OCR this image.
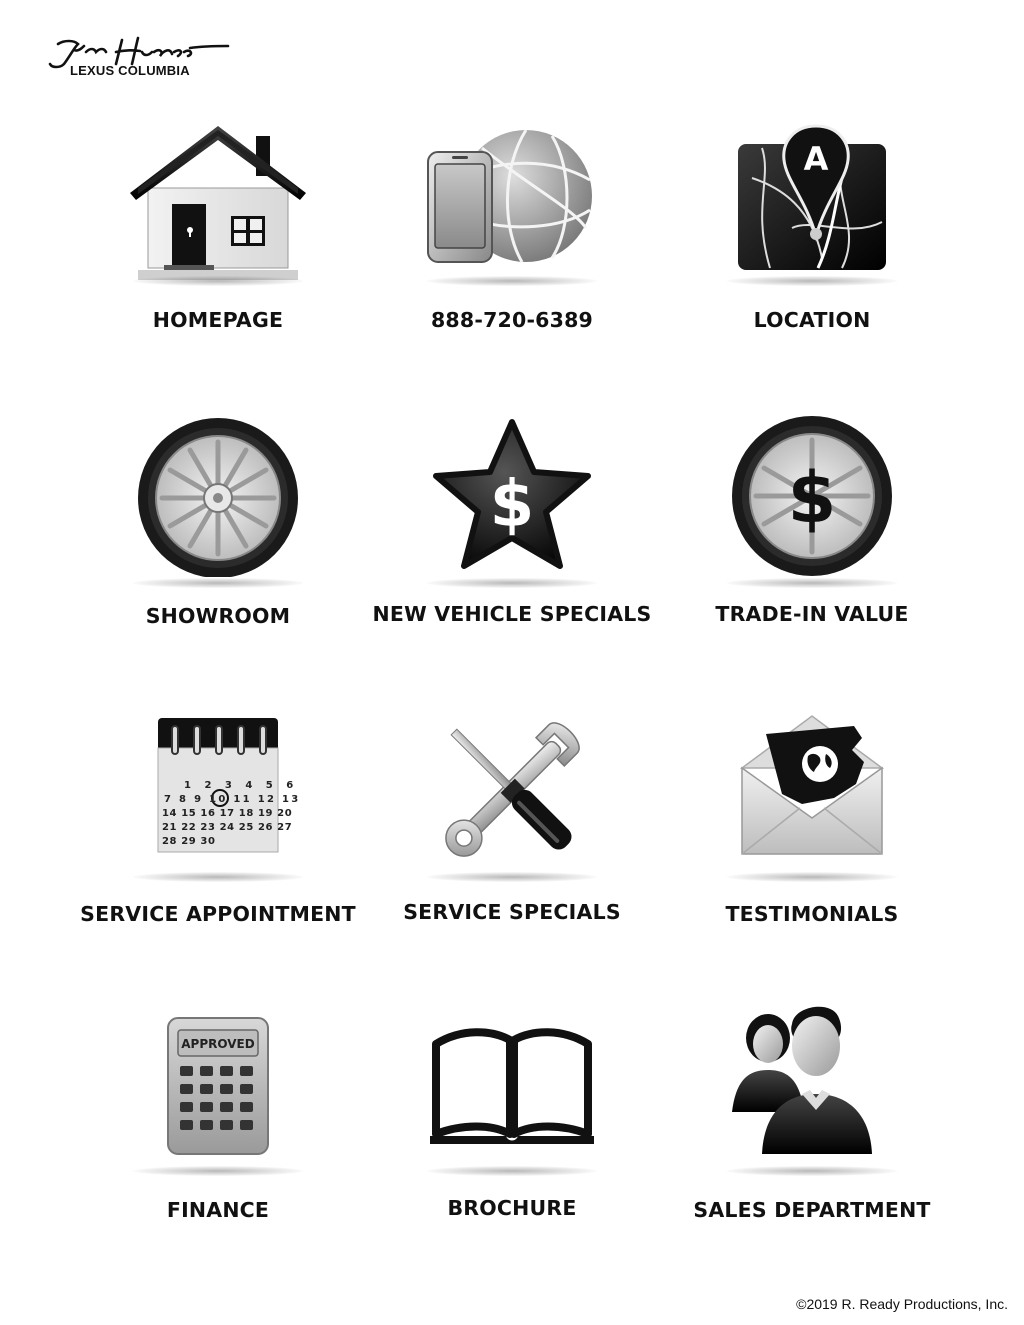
LEXUS COLUMBIA
HOMEPAGE	888-720-6389
A
LOCATION
SHOWROOM
$
NEW VEHICLE SPECIALS
$
TRADE-IN VALUE
1 2 3 4 5 6
7 8 9 10 11 12 13
14 15 16 17 18 19 20
21 22 23 24 25 26 27
28 29 30
SERVICE APPOINTMENT	SERVICE SPECIALS	TESTIMONIALS
APPROVED
FINANCE	BROCHURE	SALES DEPARTMENT
©2019 R. Ready Productions, Inc.
